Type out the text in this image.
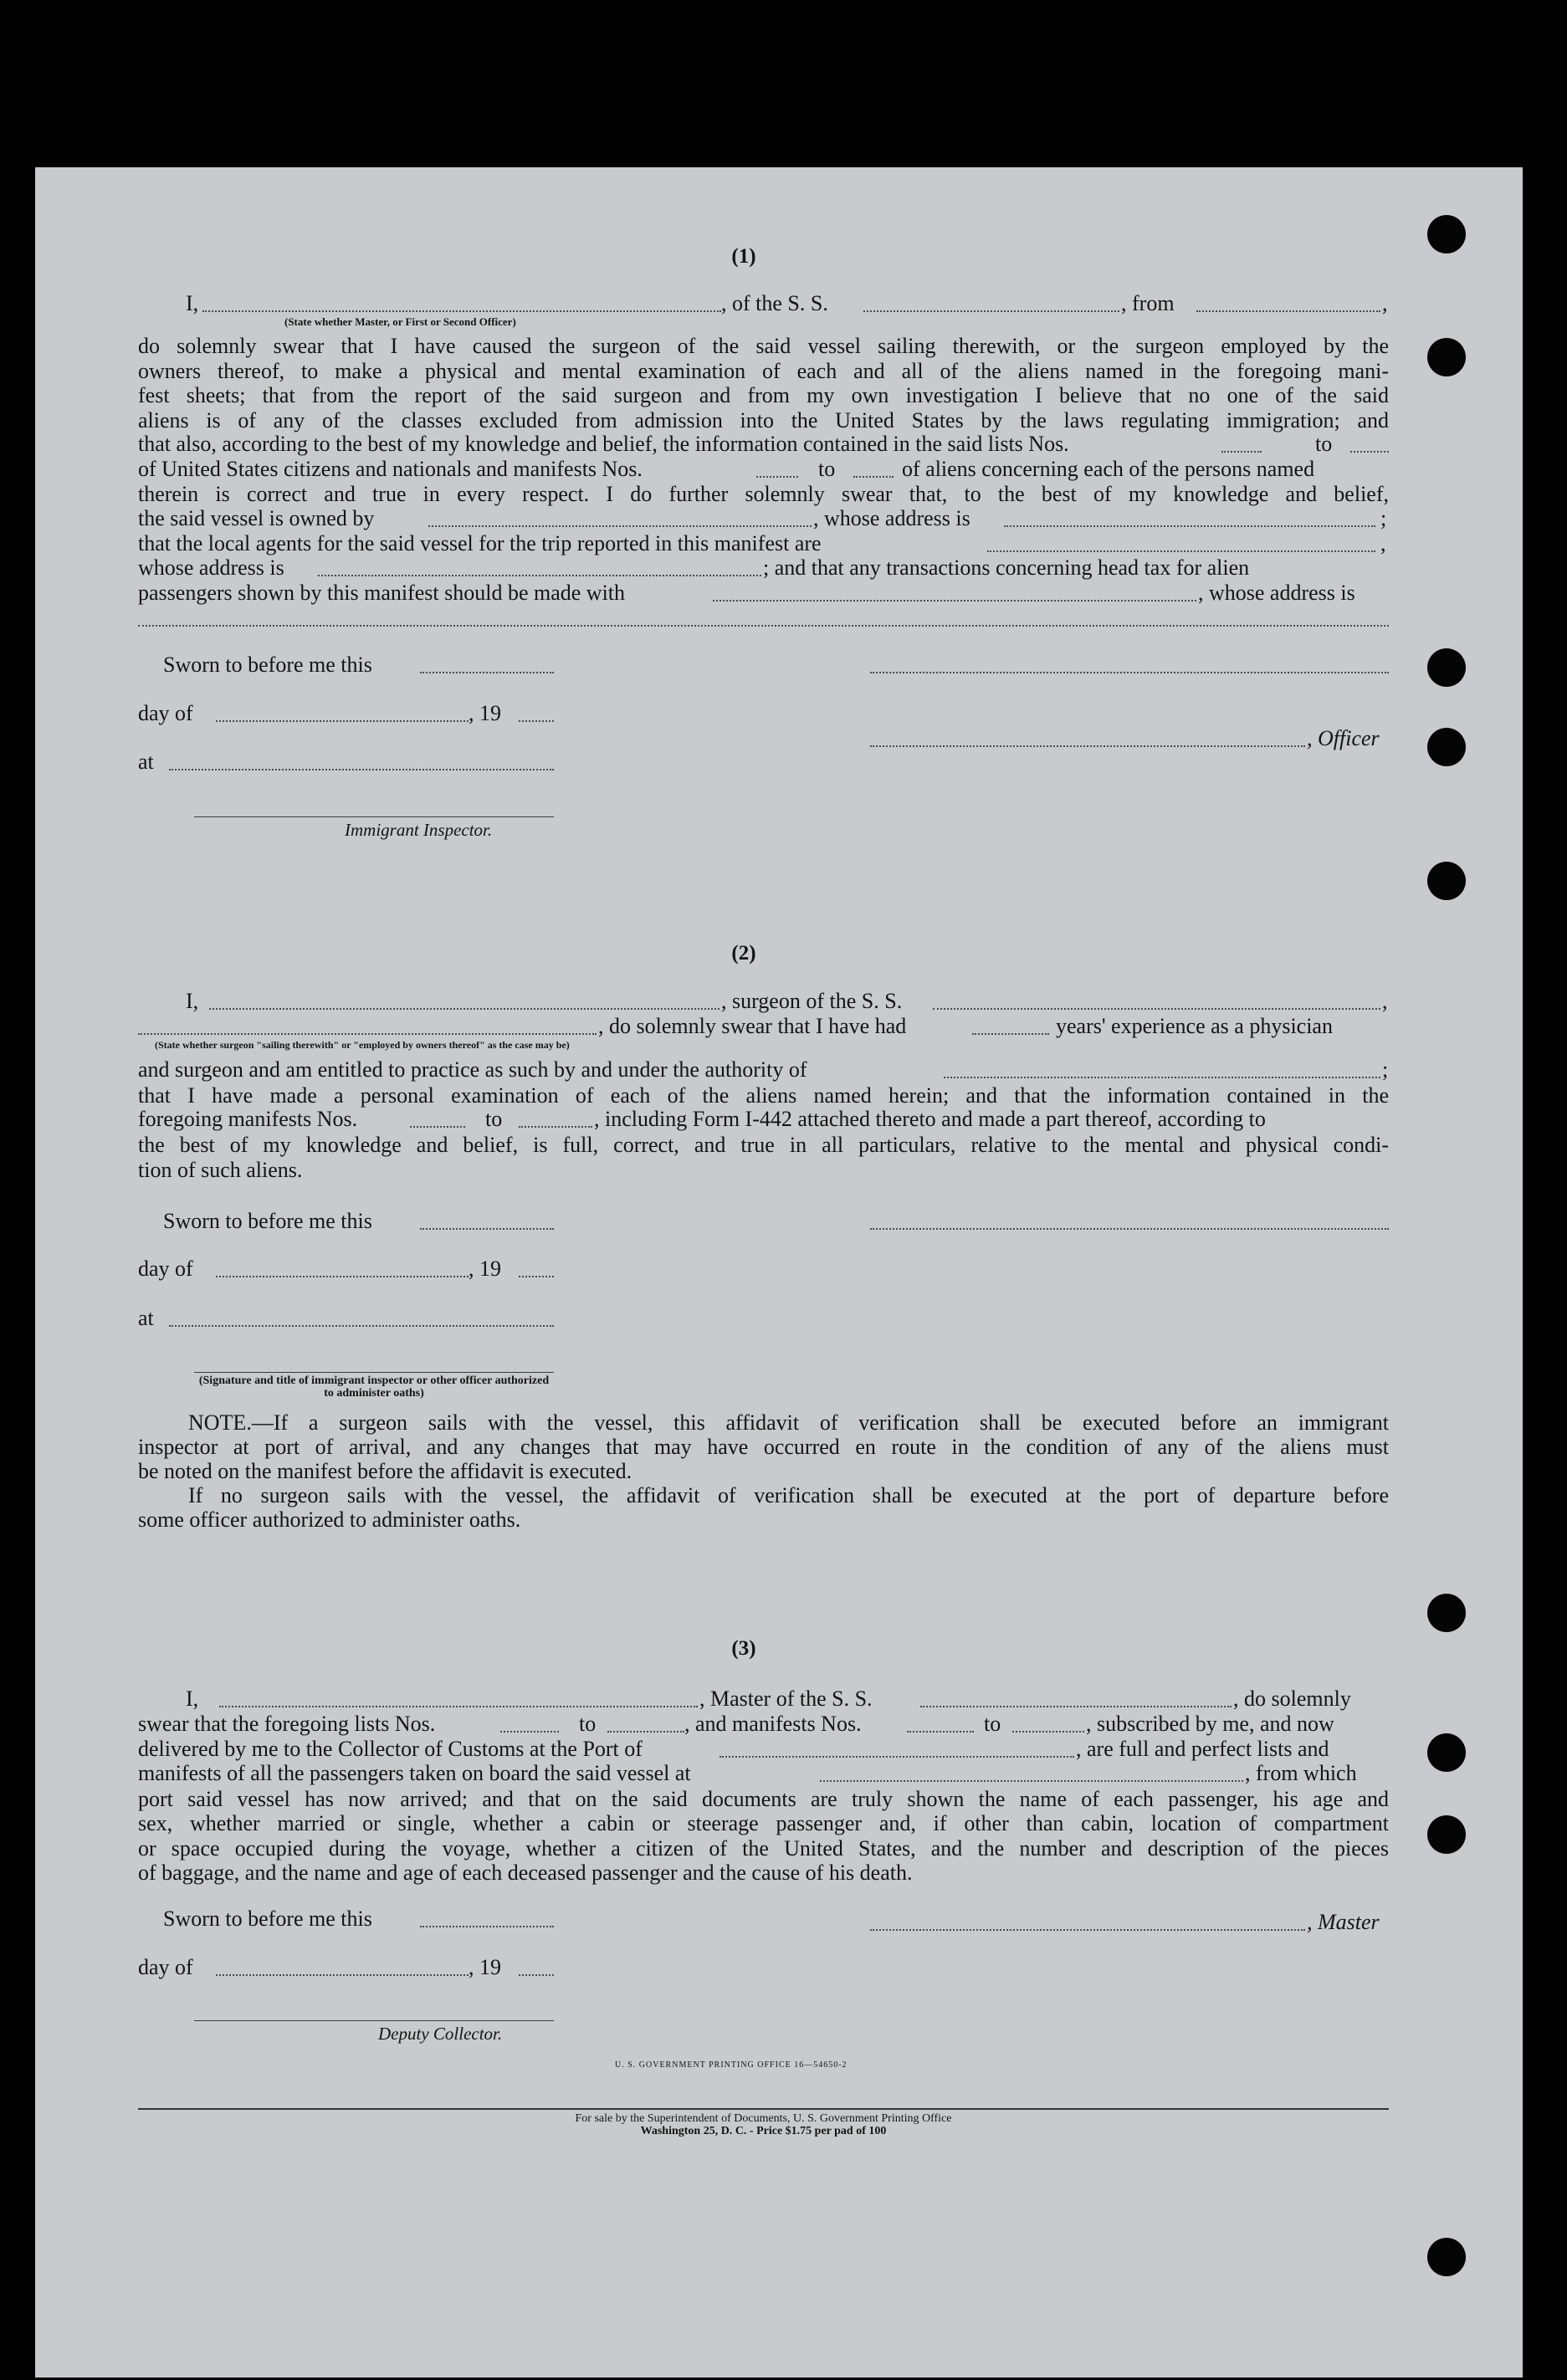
(1)
I,	, of the S. S.	, from	,
(State whether Master, or First or Second Officer)
do solemnly swear that I have caused the surgeon of the said vessel sailing therewith, or the surgeon employed by the
owners thereof, to make a physical and mental examination of each and all of the aliens named in the foregoing mani-
fest sheets; that from the report of the said surgeon and from my own investigation I believe that no one of the said
aliens is of any of the classes excluded from admission into the United States by the laws regulating immigration; and
that also, according to the best of my knowledge and belief, the information contained in the said lists Nos.	to
of United States citizens and nationals and manifests Nos.	to	of aliens concerning each of the persons named
therein is correct and true in every respect. I do further solemnly swear that, to the best of my knowledge and belief,
the said vessel is owned by	, whose address is	;
that the local agents for the said vessel for the trip reported in this manifest are	,
whose address is	; and that any transactions concerning head tax for alien
passengers shown by this manifest should be made with	, whose address is
Sworn to before me this
day of	, 19
, Officer
at
Immigrant Inspector.
(2)
I,	, surgeon of the S. S.	,
, do solemnly swear that I have had	years' experience as a physician
(State whether surgeon "sailing therewith" or "employed by owners thereof" as the case may be)
and surgeon and am entitled to practice as such by and under the authority of	;
that I have made a personal examination of each of the aliens named herein; and that the information contained in the
foregoing manifests Nos.	to	, including Form I-442 attached thereto and made a part thereof, according to
the best of my knowledge and belief, is full, correct, and true in all particulars, relative to the mental and physical condi-
tion of such aliens.
Sworn to before me this
day of	, 19
at
(Signature and title of immigrant inspector or other officer authorized to administer oaths)
NOTE.—If a surgeon sails with the vessel, this affidavit of verification shall be executed before an immigrant
inspector at port of arrival, and any changes that may have occurred en route in the condition of any of the aliens must
be noted on the manifest before the affidavit is executed.
If no surgeon sails with the vessel, the affidavit of verification shall be executed at the port of departure before
some officer authorized to administer oaths.
(3)
I,	, Master of the S. S.	, do solemnly
swear that the foregoing lists Nos.	to	, and manifests Nos.	to	, subscribed by me, and now
delivered by me to the Collector of Customs at the Port of	, are full and perfect lists and
manifests of all the passengers taken on board the said vessel at	, from which
port said vessel has now arrived; and that on the said documents are truly shown the name of each passenger, his age and
sex, whether married or single, whether a cabin or steerage passenger and, if other than cabin, location of compartment
or space occupied during the voyage, whether a citizen of the United States, and the number and description of the pieces
of baggage, and the name and age of each deceased passenger and the cause of his death.
Sworn to before me this	, Master
day of	, 19
Deputy Collector.
U. S. GOVERNMENT PRINTING OFFICE 16—54650-2
For sale by the Superintendent of Documents, U. S. Government Printing Office
Washington 25, D. C. - Price $1.75 per pad of 100
